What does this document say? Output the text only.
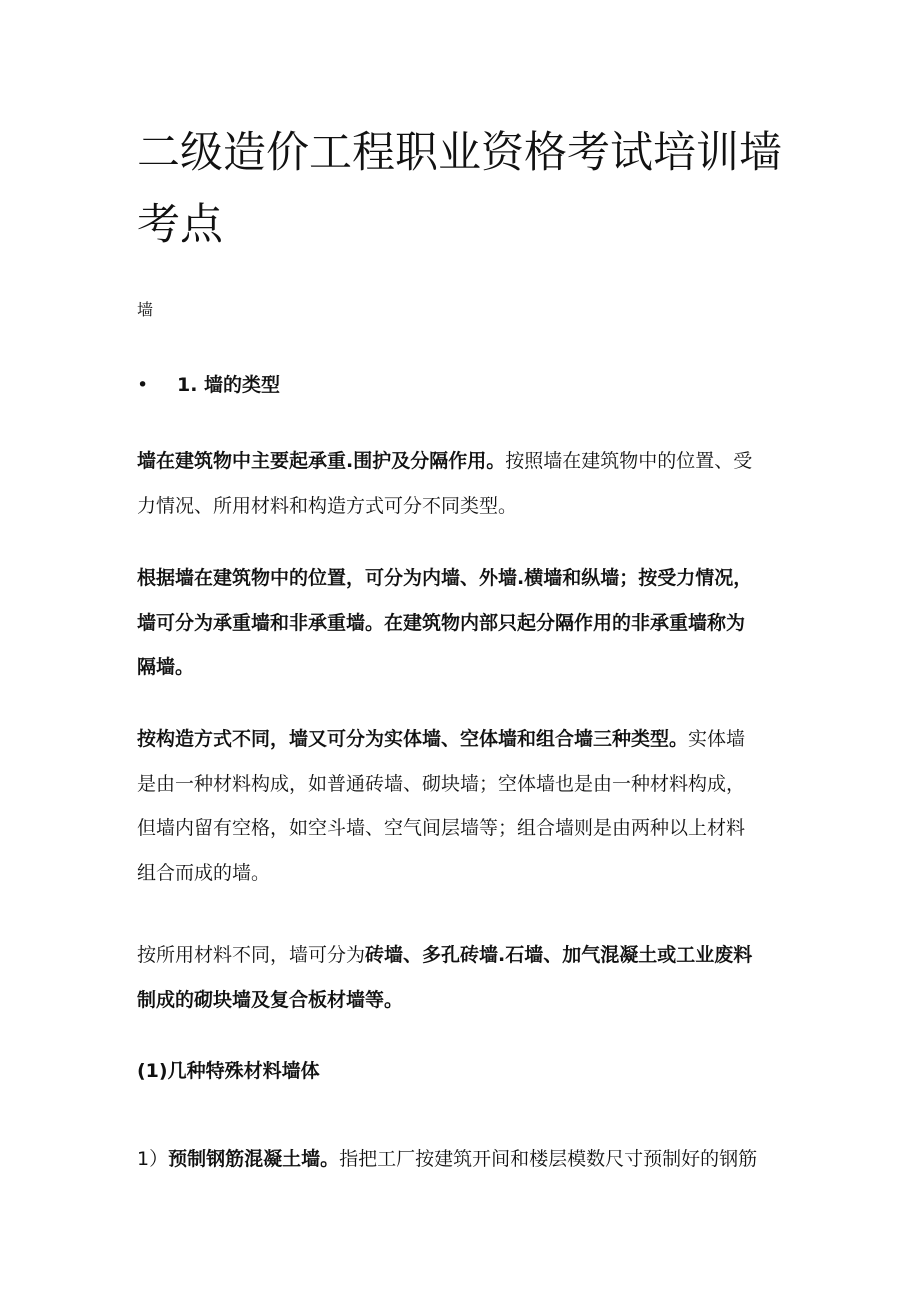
二级造价工程职业资格考试培训墙考点

墙

•	1. 墙的类型

墙在建筑物中主要起承重.围护及分隔作用。按照墙在建筑物中的位置、受
力情况、所用材料和构造方式可分不同类型。

根据墙在建筑物中的位置，可分为内墙、外墙.横墙和纵墙；按受力情况，
墙可分为承重墙和非承重墙。在建筑物内部只起分隔作用的非承重墙称为
隔墙。

按构造方式不同，墙又可分为实体墙、空体墙和组合墙三种类型。实体墙
是由一种材料构成，如普通砖墙、砌块墙；空体墙也是由一种材料构成，
但墙内留有空格，如空斗墙、空气间层墙等；组合墙则是由两种以上材料
组合而成的墙。

按所用材料不同，墙可分为砖墙、多孔砖墙.石墙、加气混凝土或工业废料
制成的砌块墙及复合板材墙等。

(1)几种特殊材料墙体

1）预制钢筋混凝土墙。指把工厂按建筑开间和楼层模数尺寸预制好的钢筋
